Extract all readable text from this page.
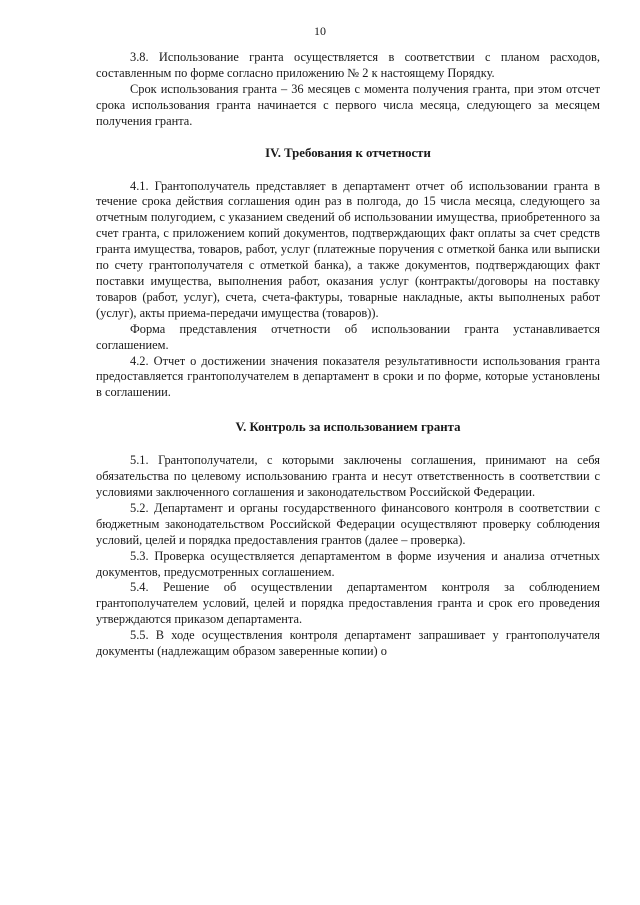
10

3.8. Использование гранта осуществляется в соответствии с планом расходов, составленным по форме согласно приложению № 2 к настоящему Порядку.

Срок использования гранта – 36 месяцев с момента получения гранта, при этом отсчет срока использования гранта начинается с первого числа месяца, следующего за месяцем получения гранта.

IV. Требования к отчетности

4.1. Грантополучатель представляет в департамент отчет об использовании гранта в течение срока действия соглашения один раз в полгода, до 15 числа месяца, следующего за отчетным полугодием, с указанием сведений об использовании имущества, приобретенного за счет гранта, с приложением копий документов, подтверждающих факт оплаты за счет средств гранта имущества, товаров, работ, услуг (платежные поручения с отметкой банка или выписки по счету грантополучателя с отметкой банка), а также документов, подтверждающих факт поставки имущества, выполнения работ, оказания услуг (контракты/договоры на поставку товаров (работ, услуг), счета, счета-фактуры, товарные накладные, акты выполненых работ (услуг), акты приема-передачи имущества (товаров)).

Форма представления отчетности об использовании гранта устанавливается соглашением.

4.2. Отчет о достижении значения показателя результативности использования гранта предоставляется грантополучателем в департамент в сроки и по форме, которые установлены в соглашении.

V. Контроль за использованием гранта

5.1. Грантополучатели, с которыми заключены соглашения, принимают на себя обязательства по целевому использованию гранта и несут ответственность в соответствии с условиями заключенного соглашения и законодательством Российской Федерации.

5.2. Департамент и органы государственного финансового контроля в соответствии с бюджетным законодательством Российской Федерации осуществляют проверку соблюдения условий, целей и порядка предоставления грантов (далее – проверка).

5.3. Проверка осуществляется департаментом в форме изучения и анализа отчетных документов, предусмотренных соглашением.

5.4. Решение об осуществлении департаментом контроля за соблюдением грантополучателем условий, целей и порядка предоставления гранта и срок его проведения утверждаются приказом департамента.

5.5. В ходе осуществления контроля департамент запрашивает у грантополучателя документы (надлежащим образом заверенные копии) о
